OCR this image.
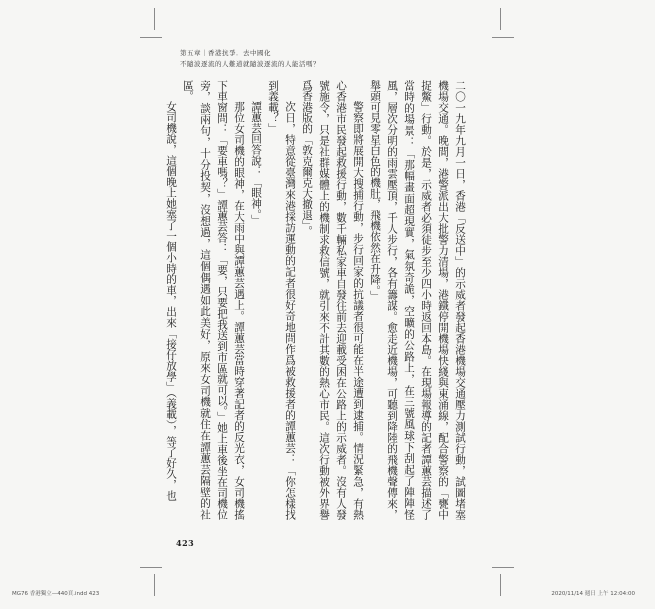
第五章｜香港抗爭．去中國化
不隨波逐流的人難道就隨波逐流的人能活嗎？

二〇一九年九月一日，香港「反送中」的示威者發起香港機場交通壓力測試行動，試圖堵塞機場交通。晚間，港警派出大批警力清場，港鐵停開機場快綫與東涌線，配合警察的「甕中捉鱉」行動。於是，示威者必須徒步至少四小時返回本島。在現場報導的記者譚蕙芸描述了當時的場景：「那幅畫面超現實，氣氛奇詭，空曠的公路上，在三號風球下刮起了陣陣怪風，層次分明的雨雲壓頂，千人步行，各有籌謀。愈走近機場，可聽到降陸的飛機聲傳來，舉頭可見零星白色的機肚，飛機依然在升降。」

警察即將展開大搜捕行動，步行回家的抗議者很可能在半途遭到逮捕。情況緊急，有熱心香港市民發起救援行動，數千輛私家車自發往前去迎載受困在公路上的示威者。沒有人發號施令，只是社群媒體上的機制求救信號，就引來不計其數的熱心市民。這次行動被外界譽爲香港版的「敦克爾克大撤退」。

次日，特意從臺灣來港採訪運動的記者很好奇地問作爲被救援者的譚蕙芸：「你怎樣找到義載？」

譚蕙芸回答說：「眼神。」

那位女司機的眼神，在大雨中與譚蕙芸遇上。譚蕙芸當時穿著記者的反光衣，女司機搖下車窗問：「要車嗎？」譚蕙芸答：「要，只要把我送到市區就可以。」她上車後坐在司機位旁，談兩句，十分投契，沒想過，這個偶遇如此美好，原來女司機就住在譚蕙芸隔壁的社區。

女司機說，這個晚上她塞了一個小時的車，出來「接仔放學」（義載），等了好久，也

423
MG76 香港獨立—440頁.indd 423	2020/11/14 週日 上午 12:04:00
